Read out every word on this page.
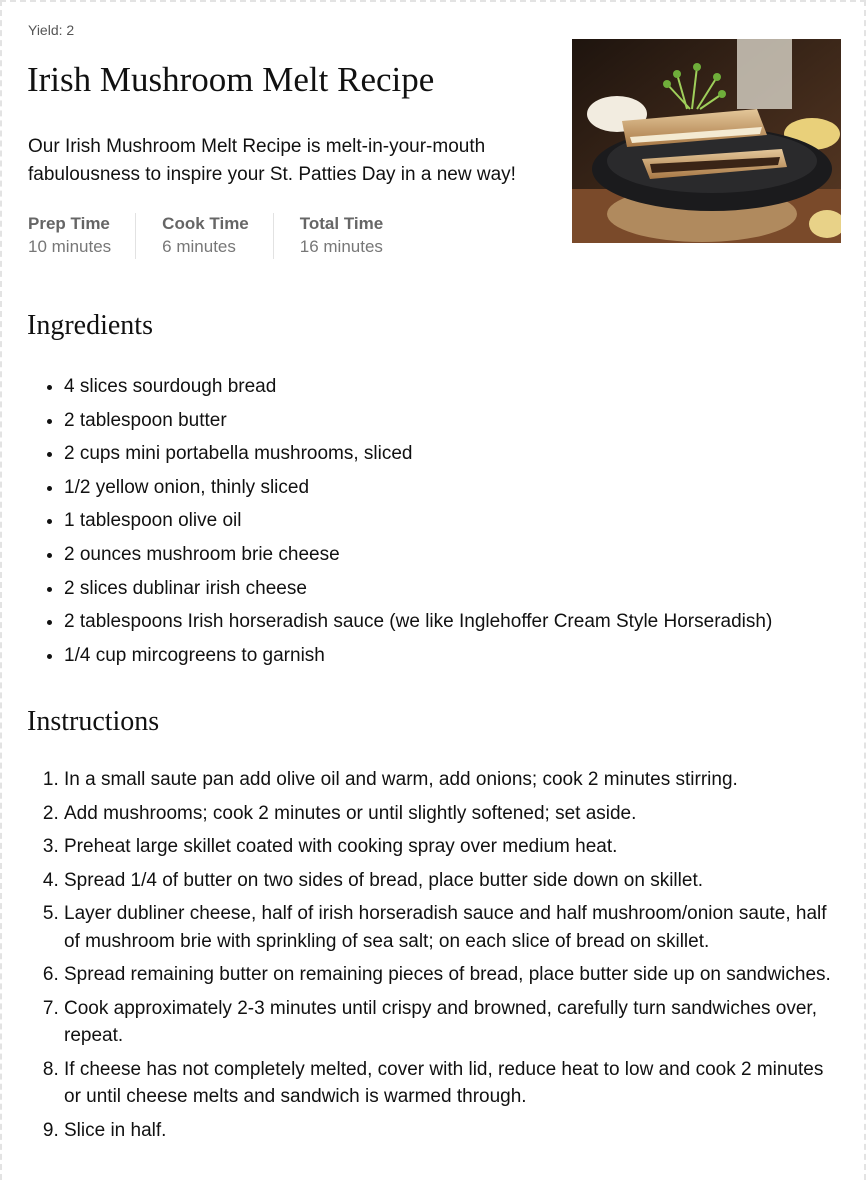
Yield: 2
Irish Mushroom Melt Recipe

Our Irish Mushroom Melt Recipe is melt-in-your-mouth fabulousness to inspire your St. Patties Day in a new way!

Prep Time
10 minutes
Cook Time
6 minutes
Total Time
16 minutes
Ingredients
• 4 slices sourdough bread
• 2 tablespoon butter
• 2 cups mini portabella mushrooms, sliced
• 1/2 yellow onion, thinly sliced
• 1 tablespoon olive oil
• 2 ounces mushroom brie cheese
• 2 slices dublinar irish cheese
• 2 tablespoons Irish horseradish sauce (we like Inglehoffer Cream Style Horseradish)
• 1/4 cup mircogreens to garnish
Instructions
1. In a small saute pan add olive oil and warm, add onions; cook 2 minutes stirring.
2. Add mushrooms; cook 2 minutes or until slightly softened; set aside.
3. Preheat large skillet coated with cooking spray over medium heat.
4. Spread 1/4 of butter on two sides of bread, place butter side down on skillet.
5. Layer dubliner cheese, half of irish horseradish sauce and half mushroom/onion saute, half of mushroom brie with sprinkling of sea salt; on each slice of bread on skillet.
6. Spread remaining butter on remaining pieces of bread, place butter side up on sandwiches.
7. Cook approximately 2-3 minutes until crispy and browned, carefully turn sandwiches over, repeat.
8. If cheese has not completely melted, cover with lid, reduce heat to low and cook 2 minutes or until cheese melts and sandwich is warmed through.
9. Slice in half.
